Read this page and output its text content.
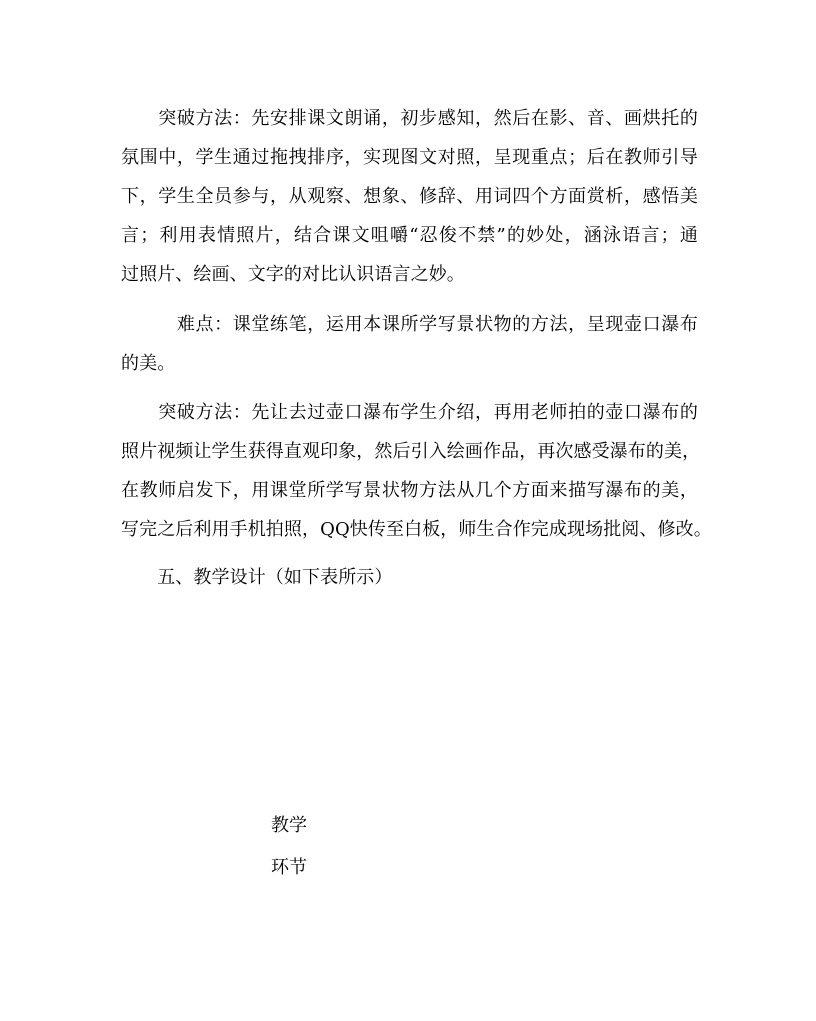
　　突破方法：先安排课文朗诵，初步感知，然后在影、音、画烘托的
氛围中，学生通过拖拽排序，实现图文对照，呈现重点；后在教师引导
下，学生全员参与，从观察、想象、修辞、用词四个方面赏析，感悟美
言；利用表情照片，结合课文咀嚼“忍俊不禁”的妙处，涵泳语言；通
过照片、绘画、文字的对比认识语言之妙。
　　　难点：课堂练笔，运用本课所学写景状物的方法，呈现壶口瀑布
的美。
　　突破方法：先让去过壶口瀑布学生介绍，再用老师拍的壶口瀑布的
照片视频让学生获得直观印象，然后引入绘画作品，再次感受瀑布的美，
在教师启发下，用课堂所学写景状物方法从几个方面来描写瀑布的美，
写完之后利用手机拍照，QQ快传至白板，师生合作完成现场批阅、修改。
　　五、教学设计（如下表所示）
教学
环节
